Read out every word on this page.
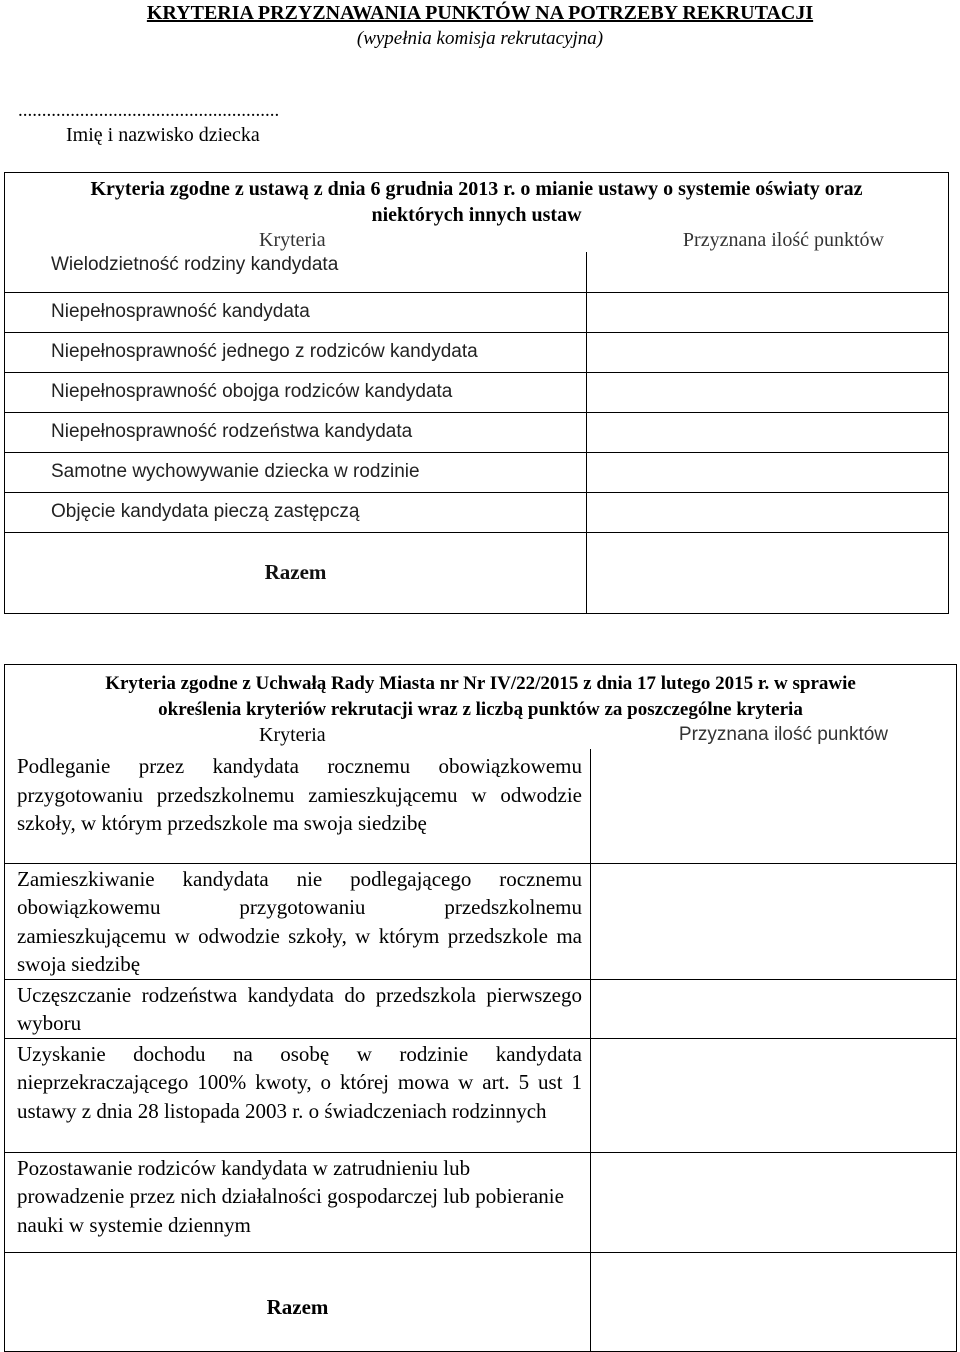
KRYTERIA PRZYZNAWANIA PUNKTÓW NA POTRZEBY REKRUTACJI
(wypełnia komisja rekrutacyjna)
.......................................................
Imię i nazwisko dziecka
Kryteria zgodne z ustawą z dnia 6 grudnia 2013 r. o mianie ustawy o systemie oświaty oraz niektórych innych ustaw
Kryteria Przyznana ilość punktów	

Wielodzietność rodziny kandydata	
Niepełnosprawność kandydata	
Niepełnosprawność jednego z rodziców kandydata	
Niepełnosprawność obojga rodziców kandydata	
Niepełnosprawność rodzeństwa kandydata	
Samotne wychowywanie dziecka w rodzinie	
Objęcie kandydata pieczą zastępczą	
Razem	
Kryteria zgodne z Uchwałą Rady Miasta nr Nr IV/22/2015 z dnia 17 lutego 2015 r. w sprawie
określenia kryteriów rekrutacji wraz z liczbą punktów za poszczególne kryteria
Kryteria Przyznana ilość punktów	

Podleganie przez kandydata rocznemu obowiązkowemu przygotowaniu przedszkolnemu zamieszkującemu w odwodzie szkoły, w którym przedszkole ma swoja siedzibę	
Zamieszkiwanie kandydata nie podlegającego rocznemu obowiązkowemu przygotowaniu przedszkolnemu zamieszkującemu w odwodzie szkoły, w którym przedszkole ma swoja siedzibę	
Uczęszczanie rodzeństwa kandydata do przedszkola pierwszego wyboru	
Uzyskanie dochodu na osobę w rodzinie kandydata nieprzekraczającego 100% kwoty, o której mowa w art. 5 ust 1 ustawy z dnia 28 listopada 2003 r. o świadczeniach rodzinnych	
Pozostawanie rodziców kandydata w zatrudnieniu lub prowadzenie przez nich działalności gospodarczej lub pobieranie nauki w systemie dziennym	
Razem	
